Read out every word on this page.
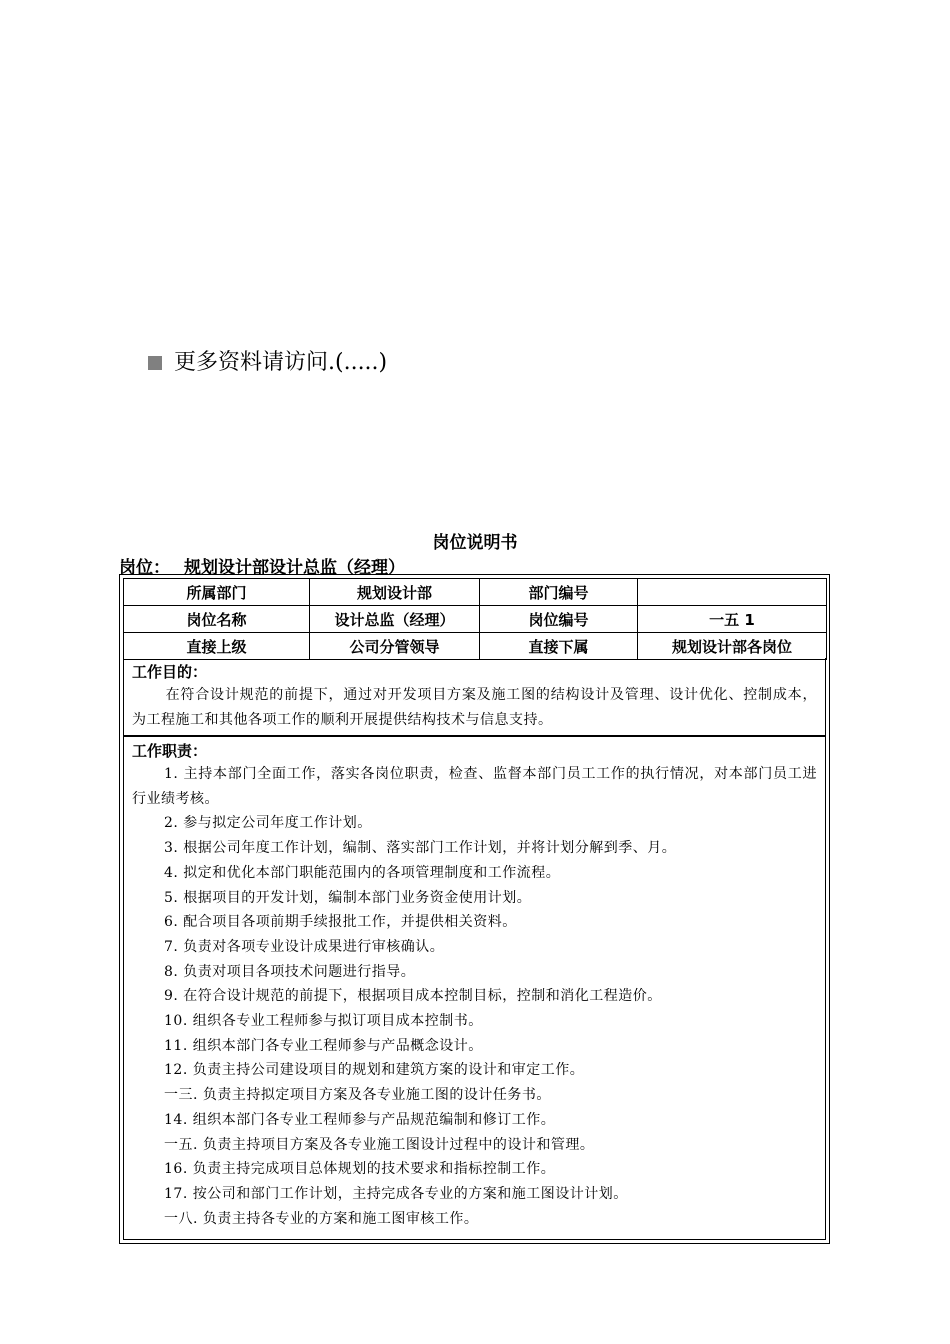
更多资料请访问.(.....)
岗位说明书
岗位： 规划设计部设计总监（经理）
所属部门	规划设计部	部门编号	
岗位名称	设计总监（经理）	岗位编号	一五 1
直接上级	公司分管领导	直接下属	规划设计部各岗位
工作目的：

在符合设计规范的前提下，通过对开发项目方案及施工图的结构设计及管理、设计优化、控制成本，为工程施工和其他各项工作的顺利开展提供结构技术与信息支持。

工作职责：
1. 主持本部门全面工作，落实各岗位职责，检查、监督本部门员工工作的执行情况，对本部门员工进行业绩考核。
2. 参与拟定公司年度工作计划。
3. 根据公司年度工作计划，编制、落实部门工作计划，并将计划分解到季、月。
4. 拟定和优化本部门职能范围内的各项管理制度和工作流程。
5. 根据项目的开发计划，编制本部门业务资金使用计划。
6. 配合项目各项前期手续报批工作，并提供相关资料。
7. 负责对各项专业设计成果进行审核确认。
8. 负责对项目各项技术问题进行指导。
9. 在符合设计规范的前提下，根据项目成本控制目标，控制和消化工程造价。
10. 组织各专业工程师参与拟订项目成本控制书。
11. 组织本部门各专业工程师参与产品概念设计。
12. 负责主持公司建设项目的规划和建筑方案的设计和审定工作。
一三. 负责主持拟定项目方案及各专业施工图的设计任务书。
14. 组织本部门各专业工程师参与产品规范编制和修订工作。
一五. 负责主持项目方案及各专业施工图设计过程中的设计和管理。
16. 负责主持完成项目总体规划的技术要求和指标控制工作。
17. 按公司和部门工作计划，主持完成各专业的方案和施工图设计计划。
一八. 负责主持各专业的方案和施工图审核工作。
